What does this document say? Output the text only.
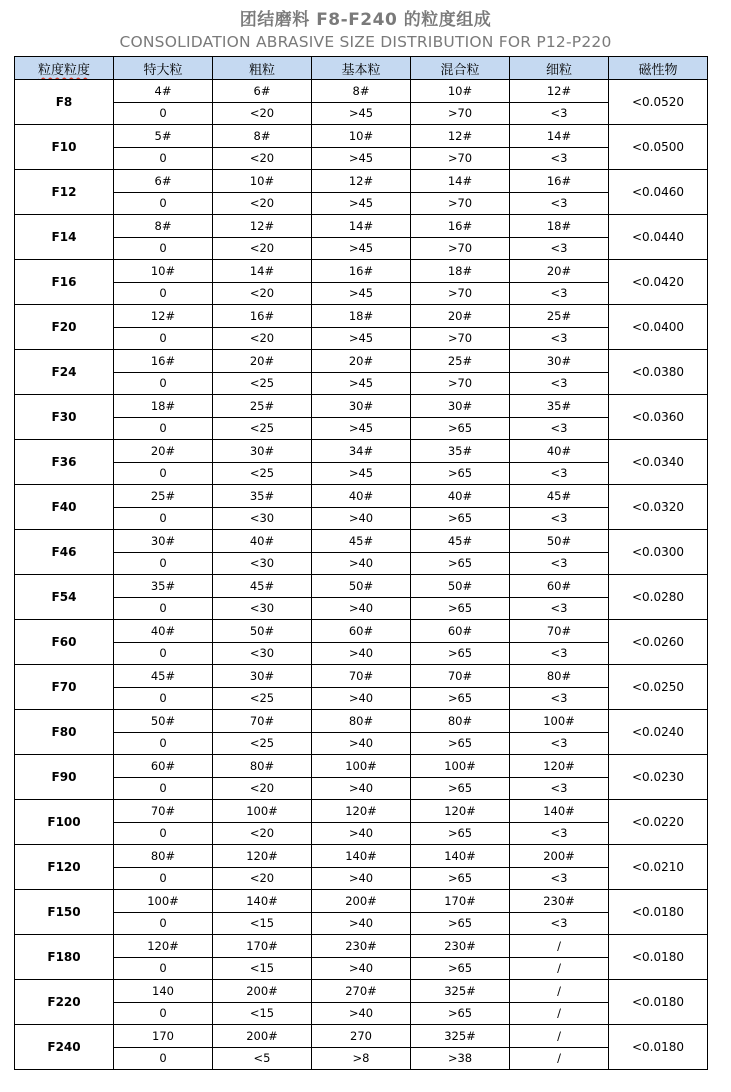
团结磨料 F8-F240 的粒度组成
CONSOLIDATION ABRASIVE SIZE DISTRIBUTION FOR P12-P220
粒度粒度	特大粒	粗粒	基本粒	混合粒	细粒	磁性物
F8	4#	6#	8#	10#	12#	<0.0520
	0	<20	>45	>70	<3	
F10	5#	8#	10#	12#	14#	<0.0500
	0	<20	>45	>70	<3	
F12	6#	10#	12#	14#	16#	<0.0460
	0	<20	>45	>70	<3	
F14	8#	12#	14#	16#	18#	<0.0440
	0	<20	>45	>70	<3	
F16	10#	14#	16#	18#	20#	<0.0420
	0	<20	>45	>70	<3	
F20	12#	16#	18#	20#	25#	<0.0400
	0	<20	>45	>70	<3	
F24	16#	20#	20#	25#	30#	<0.0380
	0	<25	>45	>70	<3	
F30	18#	25#	30#	30#	35#	<0.0360
	0	<25	>45	>65	<3	
F36	20#	30#	34#	35#	40#	<0.0340
	0	<25	>45	>65	<3	
F40	25#	35#	40#	40#	45#	<0.0320
	0	<30	>40	>65	<3	
F46	30#	40#	45#	45#	50#	<0.0300
	0	<30	>40	>65	<3	
F54	35#	45#	50#	50#	60#	<0.0280
	0	<30	>40	>65	<3	
F60	40#	50#	60#	60#	70#	<0.0260
	0	<30	>40	>65	<3	
F70	45#	30#	70#	70#	80#	<0.0250
	0	<25	>40	>65	<3	
F80	50#	70#	80#	80#	100#	<0.0240
	0	<25	>40	>65	<3	
F90	60#	80#	100#	100#	120#	<0.0230
	0	<20	>40	>65	<3	
F100	70#	100#	120#	120#	140#	<0.0220
	0	<20	>40	>65	<3	
F120	80#	120#	140#	140#	200#	<0.0210
	0	<20	>40	>65	<3	
F150	100#	140#	200#	170#	230#	<0.0180
	0	<15	>40	>65	<3	
F180	120#	170#	230#	230#	/	<0.0180
	0	<15	>40	>65	/	
F220	140	200#	270#	325#	/	<0.0180
	0	<15	>40	>65	/	
F240	170	200#	270	325#	/	<0.0180
	0	<5	>8	>38	/	
